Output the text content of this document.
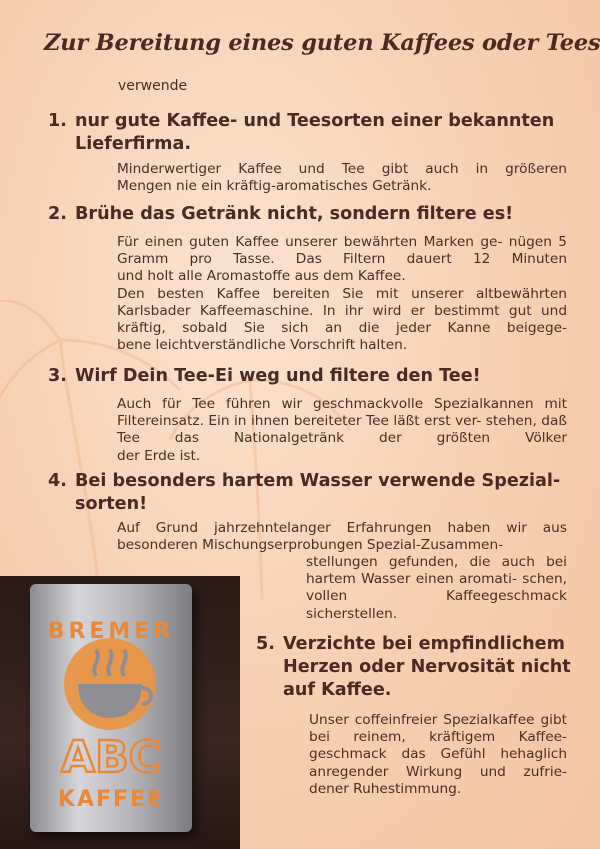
Zur Bereitung eines guten Kaffees oder Tees
verwende
1. nur gute Kaffee- und Teesorten einer bekannten
Lieferfirma.
Minderwertiger Kaffee und Tee gibt auch in größeren
Mengen nie ein kräftig-aromatisches Getränk.
2. Brühe das Getränk nicht, sondern filtere es!
Für einen guten Kaffee unserer bewährten Marken ge- nügen 5 Gramm pro Tasse. Das Filtern dauert 12 Minuten
und holt alle Aromastoffe aus dem Kaffee.
Den besten Kaffee bereiten Sie mit unserer altbewährten Karlsbader Kaffeemaschine. In ihr wird er bestimmt gut und kräftig, sobald Sie sich an die jeder Kanne beigege-
bene leichtverständliche Vorschrift halten.
3. Wirf Dein Tee-Ei weg und filtere den Tee!
Auch für Tee führen wir geschmackvolle Spezialkannen mit Filtereinsatz. Ein in ihnen bereiteter Tee läßt erst ver- stehen, daß Tee das Nationalgetränk der größten Völker
der Erde ist.
4. Bei besonders hartem Wasser verwende Spezial-
sorten!
Auf Grund jahrzehntelanger Erfahrungen haben wir aus
besonderen Mischungserprobungen Spezial-Zusammen-
stellungen gefunden, die auch bei hartem Wasser einen aromati- schen, vollen Kaffeegeschmack
sicherstellen.
5. Verzichte bei empfindlichem
Herzen oder Nervosität nicht
auf Kaffee.
Unser coffeinfreier Spezialkaffee gibt bei reinem, kräftigem Kaffee- geschmack das Gefühl hehaglich anregender Wirkung und zufrie-
dener Ruhestimmung.
BREMER
ABC
KAFFEE
